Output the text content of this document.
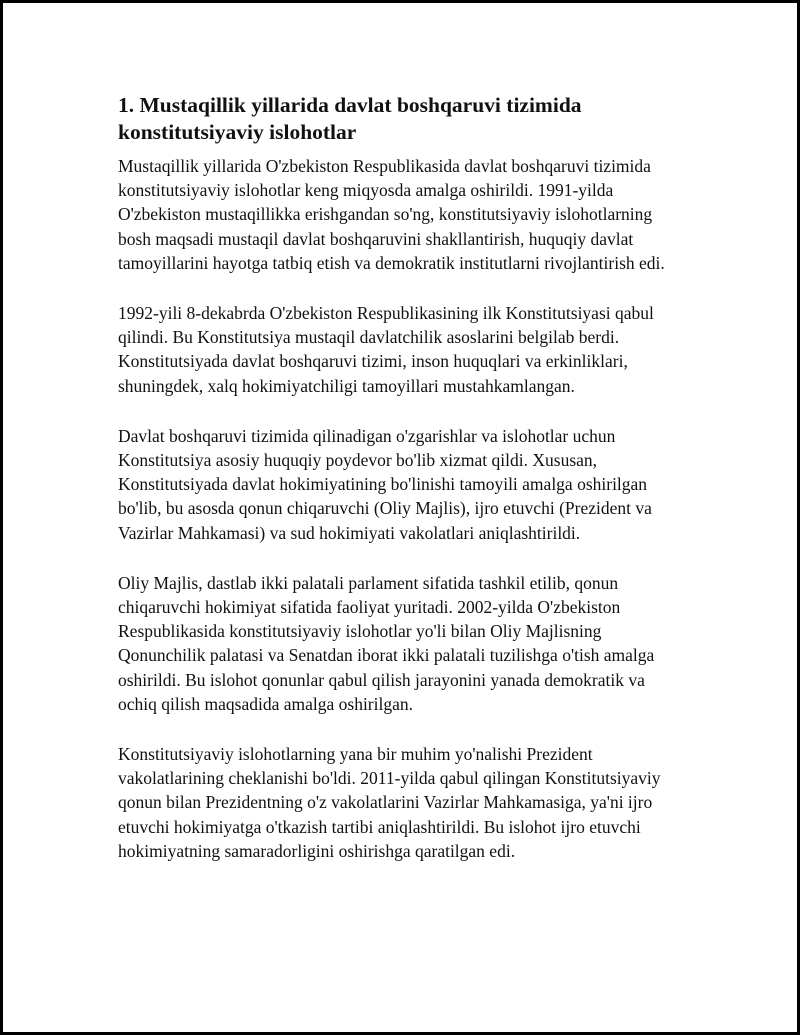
1. Mustaqillik yillarida davlat boshqaruvi tizimida konstitutsiyaviy islohotlar

Mustaqillik yillarida O'zbekiston Respublikasida davlat boshqaruvi tizimida konstitutsiyaviy islohotlar keng miqyosda amalga oshirildi. 1991-yilda O'zbekiston mustaqillikka erishgandan so'ng, konstitutsiyaviy islohotlarning bosh maqsadi mustaqil davlat boshqaruvini shakllantirish, huquqiy davlat tamoyillarini hayotga tatbiq etish va demokratik institutlarni rivojlantirish edi.

1992-yili 8-dekabrda O'zbekiston Respublikasining ilk Konstitutsiyasi qabul qilindi. Bu Konstitutsiya mustaqil davlatchilik asoslarini belgilab berdi. Konstitutsiyada davlat boshqaruvi tizimi, inson huquqlari va erkinliklari, shuningdek, xalq hokimiyatchiligi tamoyillari mustahkamlangan.

Davlat boshqaruvi tizimida qilinadigan o'zgarishlar va islohotlar uchun Konstitutsiya asosiy huquqiy poydevor bo'lib xizmat qildi. Xususan, Konstitutsiyada davlat hokimiyatining bo'linishi tamoyili amalga oshirilgan bo'lib, bu asosda qonun chiqaruvchi (Oliy Majlis), ijro etuvchi (Prezident va Vazirlar Mahkamasi) va sud hokimiyati vakolatlari aniqlashtirildi.

Oliy Majlis, dastlab ikki palatali parlament sifatida tashkil etilib, qonun chiqaruvchi hokimiyat sifatida faoliyat yuritadi. 2002-yilda O'zbekiston Respublikasida konstitutsiyaviy islohotlar yo'li bilan Oliy Majlisning Qonunchilik palatasi va Senatdan iborat ikki palatali tuzilishga o'tish amalga oshirildi. Bu islohot qonunlar qabul qilish jarayonini yanada demokratik va ochiq qilish maqsadida amalga oshirilgan.

Konstitutsiyaviy islohotlarning yana bir muhim yo'nalishi Prezident vakolatlarining cheklanishi bo'ldi. 2011-yilda qabul qilingan Konstitutsiyaviy qonun bilan Prezidentning o'z vakolatlarini Vazirlar Mahkamasiga, ya'ni ijro etuvchi hokimiyatga o'tkazish tartibi aniqlashtirildi. Bu islohot ijro etuvchi hokimiyatning samaradorligini oshirishga qaratilgan edi.
